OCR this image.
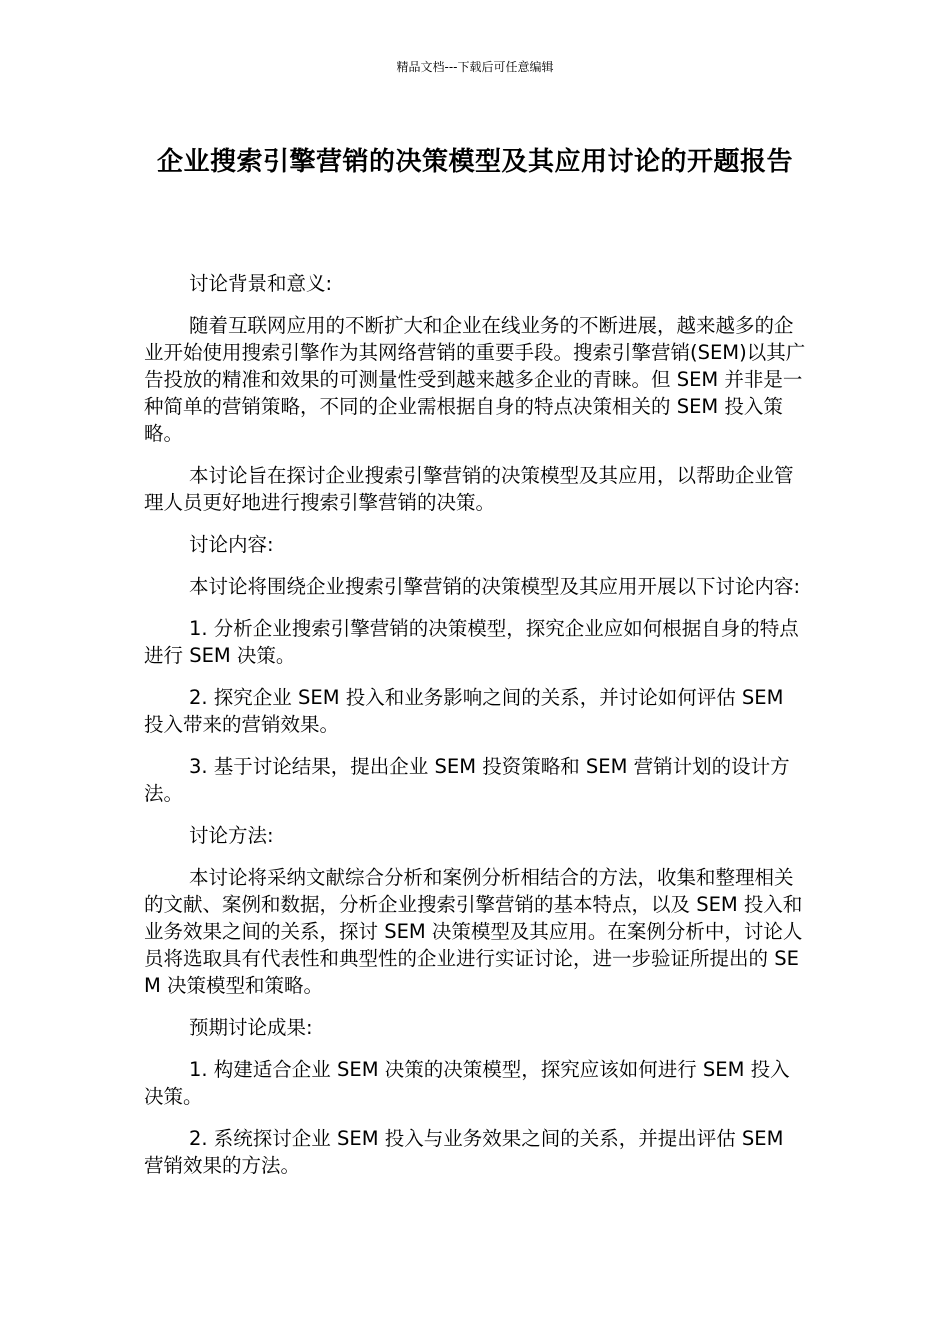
精品文档---下载后可任意编辑
企业搜索引擎营销的决策模型及其应用讨论的开题报告

讨论背景和意义:

随着互联网应用的不断扩大和企业在线业务的不断进展，越来越多的企业开始使用搜索引擎作为其网络营销的重要手段。搜索引擎营销(SEM)以其广告投放的精准和效果的可测量性受到越来越多企业的青睐。但 SEM 并非是一种简单的营销策略，不同的企业需根据自身的特点决策相关的 SEM 投入策略。

本讨论旨在探讨企业搜索引擎营销的决策模型及其应用，以帮助企业管理人员更好地进行搜索引擎营销的决策。

讨论内容:

本讨论将围绕企业搜索引擎营销的决策模型及其应用开展以下讨论内容:

1. 分析企业搜索引擎营销的决策模型，探究企业应如何根据自身的特点进行 SEM 决策。

2. 探究企业 SEM 投入和业务影响之间的关系，并讨论如何评估 SEM 投入带来的营销效果。

3. 基于讨论结果，提出企业 SEM 投资策略和 SEM 营销计划的设计方法。

讨论方法:

本讨论将采纳文献综合分析和案例分析相结合的方法，收集和整理相关的文献、案例和数据，分析企业搜索引擎营销的基本特点，以及 SEM 投入和业务效果之间的关系，探讨 SEM 决策模型及其应用。在案例分析中，讨论人员将选取具有代表性和典型性的企业进行实证讨论，进一步验证所提出的 SEM 决策模型和策略。

预期讨论成果:

1. 构建适合企业 SEM 决策的决策模型，探究应该如何进行 SEM 投入决策。

2. 系统探讨企业 SEM 投入与业务效果之间的关系，并提出评估 SEM 营销效果的方法。
